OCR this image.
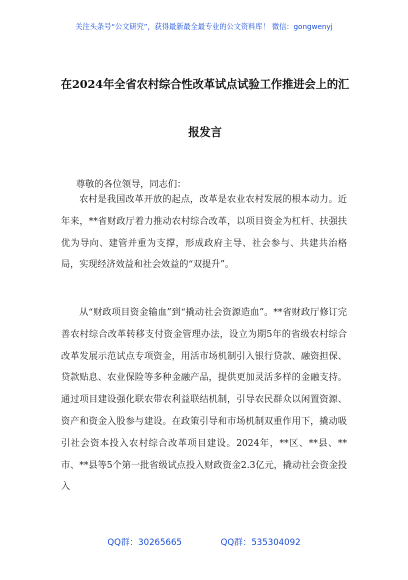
关注头条号“公文研究”，获得最新最全最专业的公文资料库！ 微信：gongwenyj
在2024年全省农村综合性改革试点试验工作推进会上的汇
报发言
尊敬的各位领导，同志们：
农村是我国改革开放的起点，改革是农业农村发展的根本动力。近年来，**省财政厅着力推动农村综合改革，以项目资金为杠杆、扶强扶优为导向、建管并重为支撑，形成政府主导、社会参与、共建共治格局，实现经济效益和社会效益的“双提升”。
从“财政项目资金输血”到“撬动社会资源造血”。**省财政厅修订完善农村综合改革转移支付资金管理办法，设立为期5年的省级农村综合改革发展示范试点专项资金，用活市场机制引入银行贷款、融资担保、贷款贴息、农业保险等多种金融产品，提供更加灵活多样的金融支持。通过项目建设强化联农带农利益联结机制，引导农民群众以闲置资源、资产和资金入股参与建设。在政策引导和市场机制双重作用下，撬动吸引社会资本投入农村综合改革项目建设。2024年，**区、**县、**市、**县等5个第一批省级试点投入财政资金2.3亿元，撬动社会资金投入
QQ群：30265665	QQ群：535304092
